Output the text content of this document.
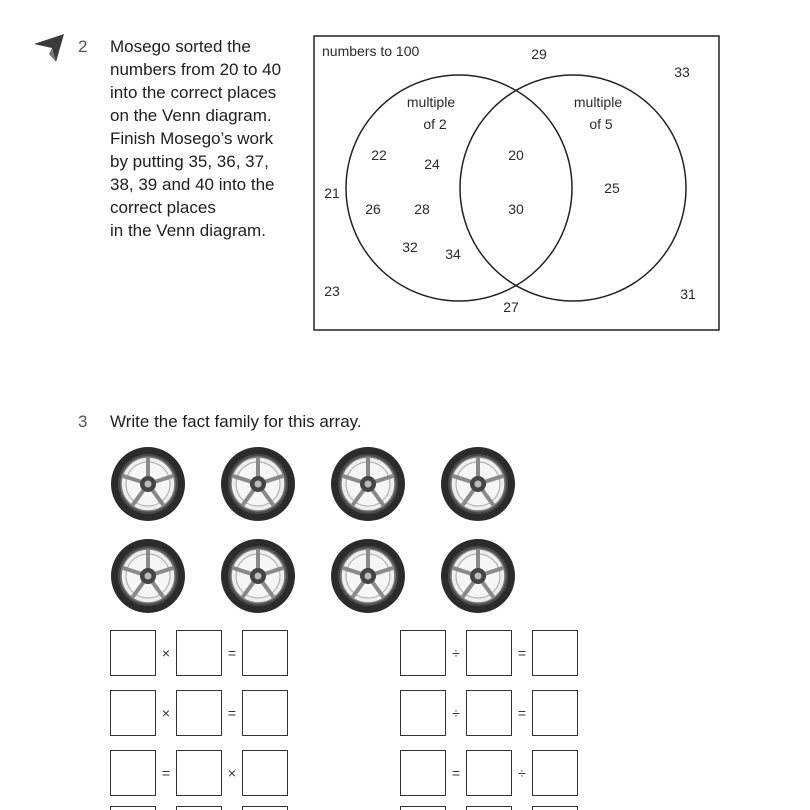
2 Mosego sorted the
numbers from 20 to 40
into the correct places
on the Venn diagram.
Finish Mosego’s work
by putting 35, 36, 37,
38, 39 and 40 into the
correct places
in the Venn diagram.
numbers to 100
multiple
of 2
multiple
of 5
22
24
26 28
32 34
20
30
25
21
23
27
29
31
33
3 Write the fact family for this array.
×	=	÷	=
×	=	÷	=
=	×	=	÷
